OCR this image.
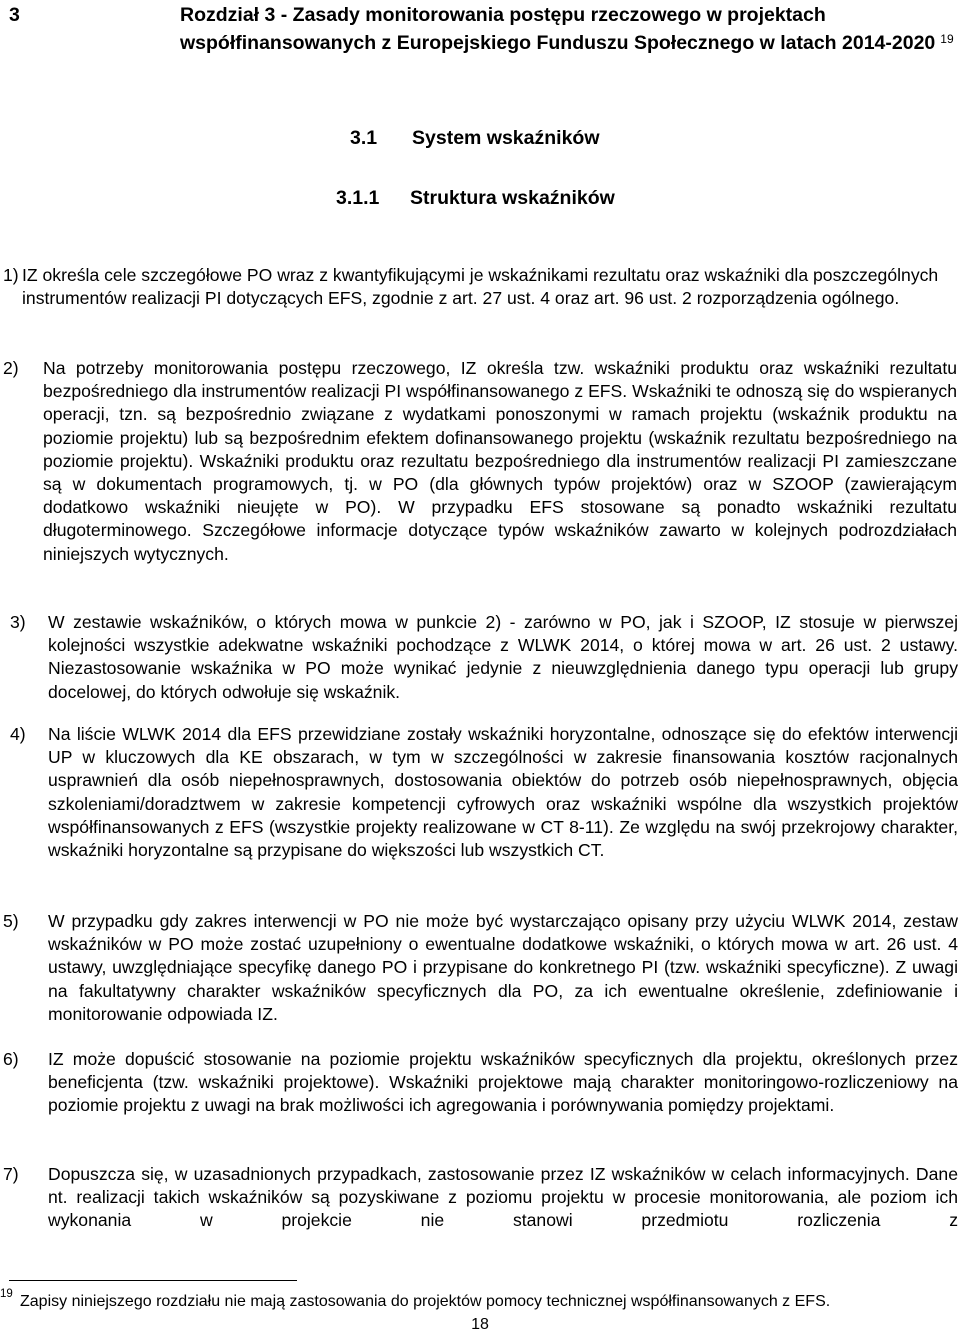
3	Rozdział 3 - Zasady monitorowania postępu rzeczowego w projektach
współfinansowanych z Europejskiego Funduszu Społecznego w latach 2014-2020 $^{19}$
3.1 System wskaźników
3.1.1 Struktura wskaźników
1) IZ określa cele szczegółowe PO wraz z kwantyfikującymi je wskaźnikami rezultatu oraz wskaźniki dla poszczególnych instrumentów realizacji PI dotyczących EFS, zgodnie z art. 27 ust. 4 oraz art. 96 ust. 2 rozporządzenia ogólnego.
2) Na potrzeby monitorowania postępu rzeczowego, IZ określa tzw. wskaźniki produktu oraz wskaźniki rezultatu bezpośredniego dla instrumentów realizacji PI współfinansowanego z EFS. Wskaźniki te odnoszą się do wspieranych operacji, tzn. są bezpośrednio związane z wydatkami ponoszonymi w ramach projektu (wskaźnik produktu na poziomie projektu) lub są bezpośrednim efektem dofinansowanego projektu (wskaźnik rezultatu bezpośredniego na poziomie projektu). Wskaźniki produktu oraz rezultatu bezpośredniego dla instrumentów realizacji PI zamieszczane są w dokumentach programowych, tj. w PO (dla głównych typów projektów) oraz w SZOOP (zawierającym dodatkowo wskaźniki nieujęte w PO). W przypadku EFS stosowane są ponadto wskaźniki rezultatu długoterminowego. Szczegółowe informacje dotyczące typów wskaźników zawarto w kolejnych podrozdziałach niniejszych wytycznych.
3) W zestawie wskaźników, o których mowa w punkcie 2) - zarówno w PO, jak i SZOOP, IZ stosuje w pierwszej kolejności wszystkie adekwatne wskaźniki pochodzące z WLWK 2014, o której mowa w art. 26 ust. 2 ustawy. Niezastosowanie wskaźnika w PO może wynikać jedynie z nieuwzględnienia danego typu operacji lub grupy docelowej, do których odwołuje się wskaźnik.
4) Na liście WLWK 2014 dla EFS przewidziane zostały wskaźniki horyzontalne, odnoszące się do efektów interwencji UP w kluczowych dla KE obszarach, w tym w szczególności w zakresie finansowania kosztów racjonalnych usprawnień dla osób niepełnosprawnych, dostosowania obiektów do potrzeb osób niepełnosprawnych, objęcia szkoleniami/doradztwem w zakresie kompetencji cyfrowych oraz wskaźniki wspólne dla wszystkich projektów współfinansowanych z EFS (wszystkie projekty realizowane w CT 8-11). Ze względu na swój przekrojowy charakter, wskaźniki horyzontalne są przypisane do większości lub wszystkich CT.
5) W przypadku gdy zakres interwencji w PO nie może być wystarczająco opisany przy użyciu WLWK 2014, zestaw wskaźników w PO może zostać uzupełniony o ewentualne dodatkowe wskaźniki, o których mowa w art. 26 ust. 4 ustawy, uwzględniające specyfikę danego PO i przypisane do konkretnego PI (tzw. wskaźniki specyficzne). Z uwagi na fakultatywny charakter wskaźników specyficznych dla PO, za ich ewentualne określenie, zdefiniowanie i monitorowanie odpowiada IZ.
6) IZ może dopuścić stosowanie na poziomie projektu wskaźników specyficznych dla projektu, określonych przez beneficjenta (tzw. wskaźniki projektowe). Wskaźniki projektowe mają charakter monitoringowo-rozliczeniowy na poziomie projektu z uwagi na brak możliwości ich agregowania i porównywania pomiędzy projektami.
7) Dopuszcza się, w uzasadnionych przypadkach, zastosowanie przez IZ wskaźników w celach informacyjnych. Dane nt. realizacji takich wskaźników są pozyskiwane z poziomu projektu w procesie monitorowania, ale poziom ich wykonania w projekcie nie stanowi przedmiotu rozliczenia z
19 Zapisy niniejszego rozdziału nie mają zastosowania do projektów pomocy technicznej współfinansowanych z EFS.
18
